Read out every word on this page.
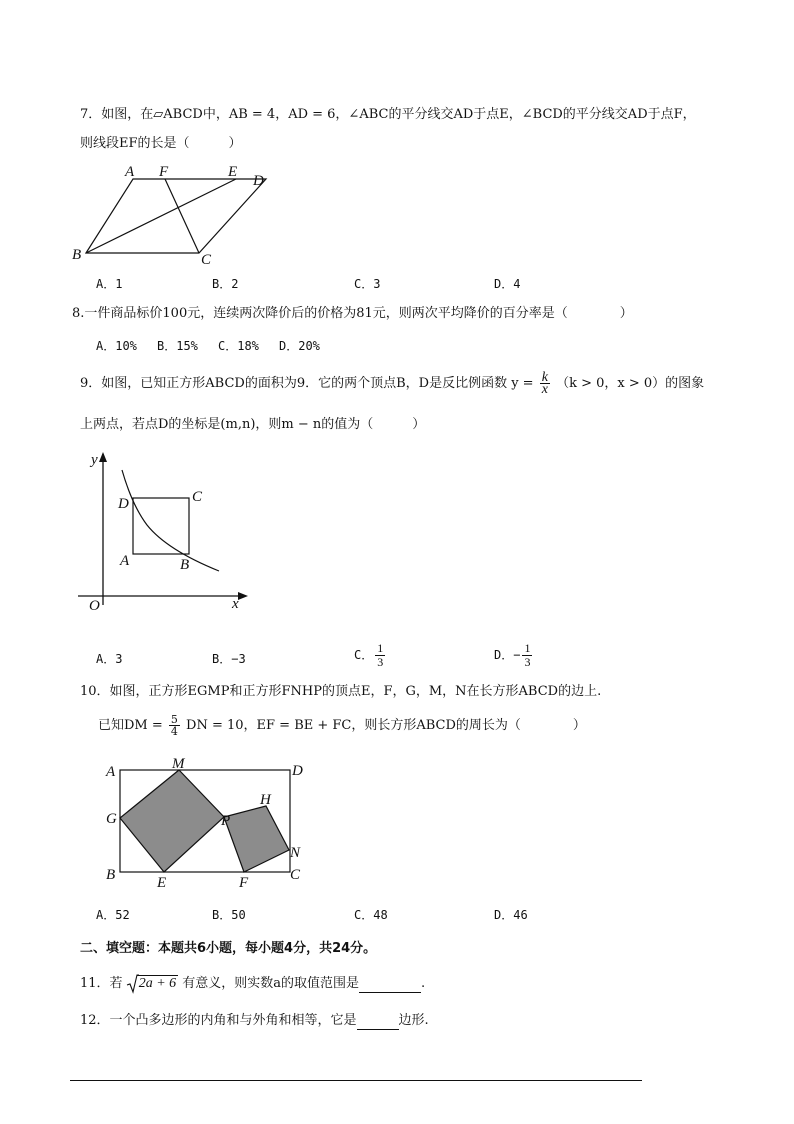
7．如图，在▱ABCD中，AB = 4，AD = 6，∠ABC的平分线交AD于点E，∠BCD的平分线交AD于点F，
则线段EF的长是（　　　）
A F	E
D
B	C
A．1	B．2	C．3	D．4
8.一件商品标价100元，连续两次降价后的价格为81元，则两次平均降价的百分率是（　　　　）
A．10% B．15% C．18% D．20%
9．如图，已知正方形ABCD的面积为9．它的两个顶点B，D是反比例函数 $y = \frac{k}{x} (k > 0$，x > 0）的图象
上两点，若点D的坐标是(m,n)，则m − n的值为（　　　）
y
x
O
D	C
A	B
A．3	B．−3	C． $\frac{1}{3}$	D．− $\frac{1}{3}$
10．如图，正方形EGMP和正方形FNHP的顶点E，F，G，M，N在长方形ABCD的边上.
已知DM = $\frac{5}{4}$ DN = 10，EF = BE + FC，则长方形ABCD的周长为（　　　　）
A	M	D
G
H
P
N
B	E	F	C
A．52	B．50	C．48	D．46
二、填空题：本题共6小题，每小题4分，共24分。
11．若 2a + 6 有意义，则实数a的取值范围是	.
12．一个凸多边形的内角和与外角和相等，它是	边形.
